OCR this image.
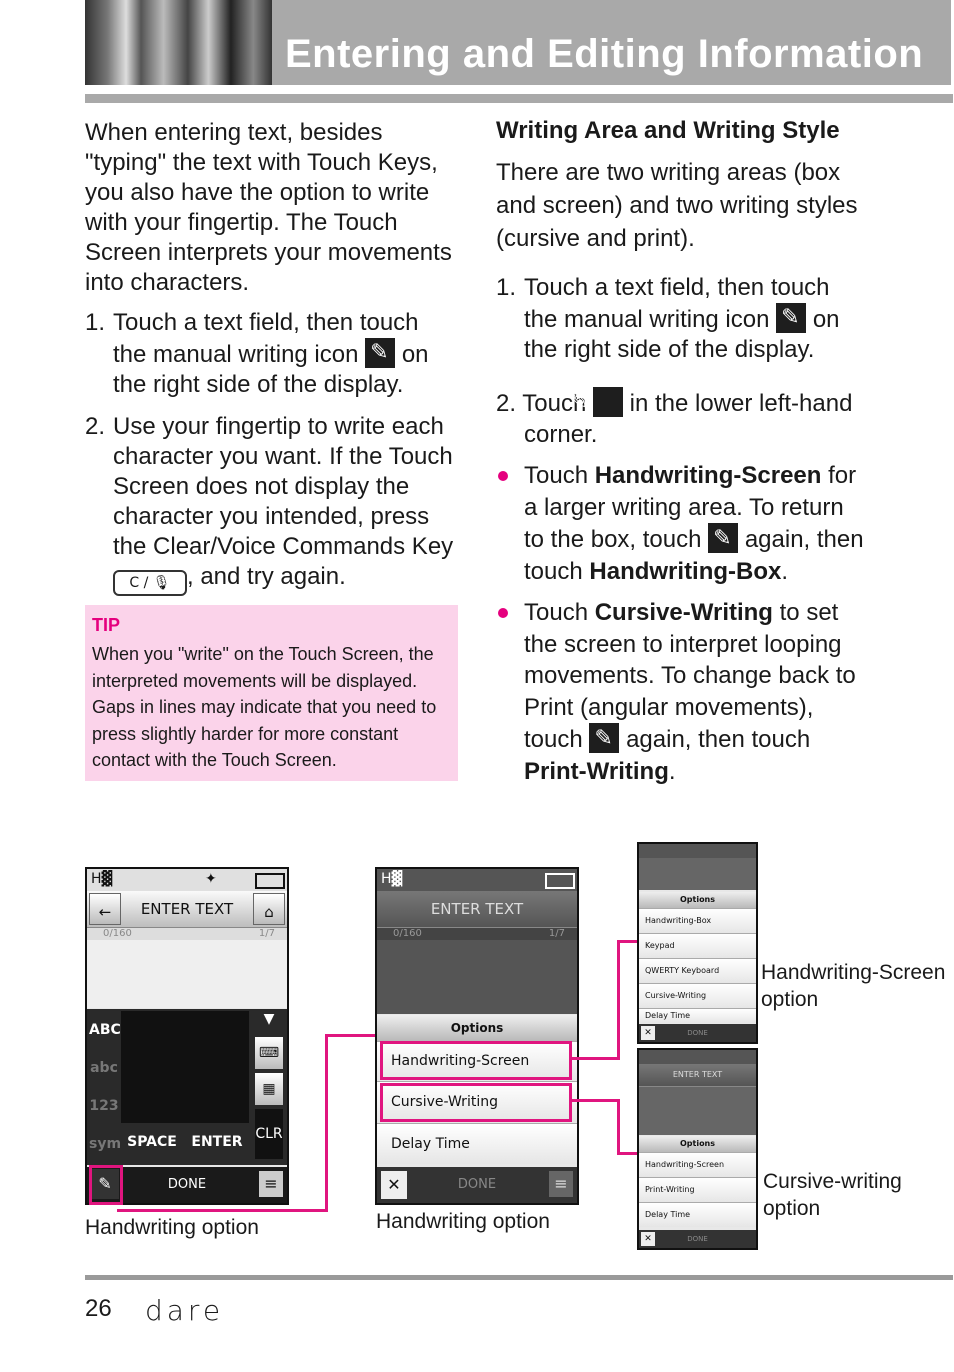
Entering and Editing Information

When entering text, besides "typing" the text with Touch Keys, you also have the option to write with your fingertip. The Touch Screen interprets your movements into characters.

1. Touch a text field, then touch the manual writing icon ✎ on the right side of the display.
2. Use your fingertip to write each character you want. If the Touch Screen does not display the character you intended, press the Clear/Voice Commands Key C / 🎙 , and try again.
TIP
When you "write" on the Touch Screen, the interpreted movements will be displayed. Gaps in lines may indicate that you need to press slightly harder for more constant contact with the Touch Screen.

Writing Area and Writing Style

There are two writing areas (box and screen) and two writing styles (cursive and print).

1. Touch a text field, then touch the manual writing icon ✎ on the right side of the display.
2. Touch ✎ in the lower left-hand corner.
Touch Handwriting-Screen for a larger writing area. To return to the box, touch ✎ again, then touch Handwriting-Box.
Touch Cursive-Writing to set the screen to interpret looping movements. To change back to Print (angular movements), touch ✎ again, then touch Print-Writing.
𝖧▓	✦
←	ENTER TEXT	⌂
0/160	1/7
ABC
abc
123
sym SPACE	ENTER
▼
⌨
▦
CLR
✎	DONE	≡
Handwriting option
𝖧▓
ENTER TEXT
0/160	1/7
Options
Handwriting-Screen
Cursive-Writing
Delay Time
✕	DONE	≡
Handwriting option
Options
Handwriting-Box
Keypad
QWERTY Keyboard
Cursive-Writing
Delay Time
✕	DONE
Handwriting-Screen option
ENTER TEXT
Options
Handwriting-Screen
Print-Writing
Delay Time
✕	DONE
Cursive-writing option
26 dare
